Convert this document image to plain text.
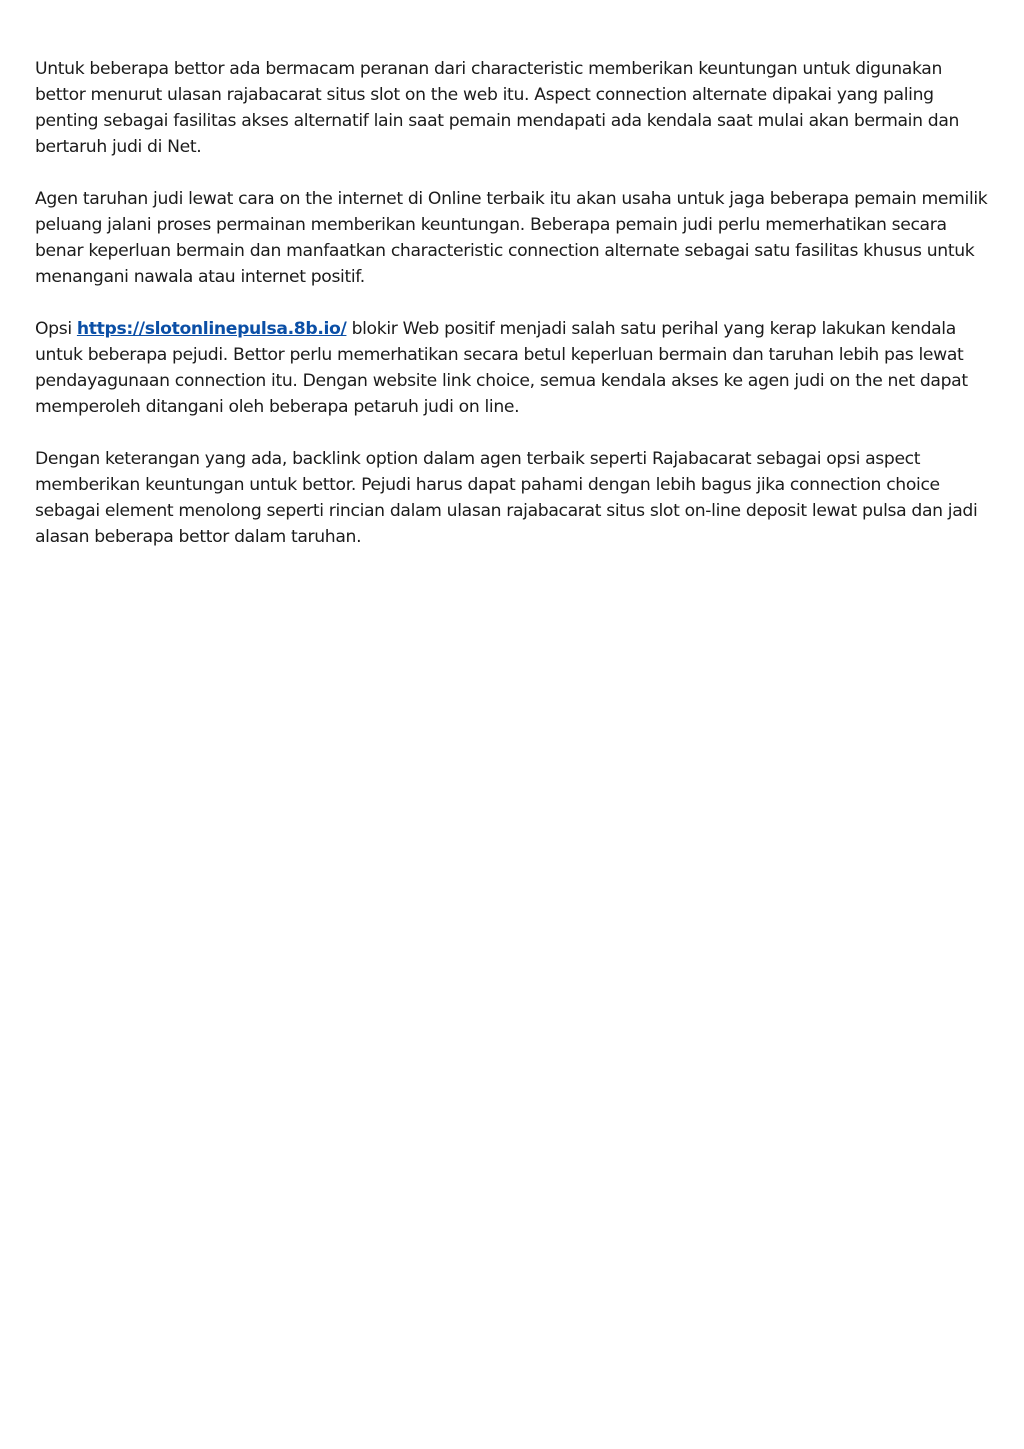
Untuk beberapa bettor ada bermacam peranan dari characteristic memberikan keuntungan untuk digunakan bettor menurut ulasan rajabacarat situs slot on the web itu. Aspect connection alternate dipakai yang paling penting sebagai fasilitas akses alternatif lain saat pemain mendapati ada kendala saat mulai akan bermain dan bertaruh judi di Net.

Agen taruhan judi lewat cara on the internet di Online terbaik itu akan usaha untuk jaga beberapa pemain memilik peluang jalani proses permainan memberikan keuntungan. Beberapa pemain judi perlu memerhatikan secara benar keperluan bermain dan manfaatkan characteristic connection alternate sebagai satu fasilitas khusus untuk menangani nawala atau internet positif.

Opsi https://slotonlinepulsa.8b.io/ blokir Web positif menjadi salah satu perihal yang kerap lakukan kendala untuk beberapa pejudi. Bettor perlu memerhatikan secara betul keperluan bermain dan taruhan lebih pas lewat pendayagunaan connection itu. Dengan website link choice, semua kendala akses ke agen judi on the net dapat memperoleh ditangani oleh beberapa petaruh judi on line.

Dengan keterangan yang ada, backlink option dalam agen terbaik seperti Rajabacarat sebagai opsi aspect memberikan keuntungan untuk bettor. Pejudi harus dapat pahami dengan lebih bagus jika connection choice sebagai element menolong seperti rincian dalam ulasan rajabacarat situs slot on-line deposit lewat pulsa dan jadi alasan beberapa bettor dalam taruhan.
